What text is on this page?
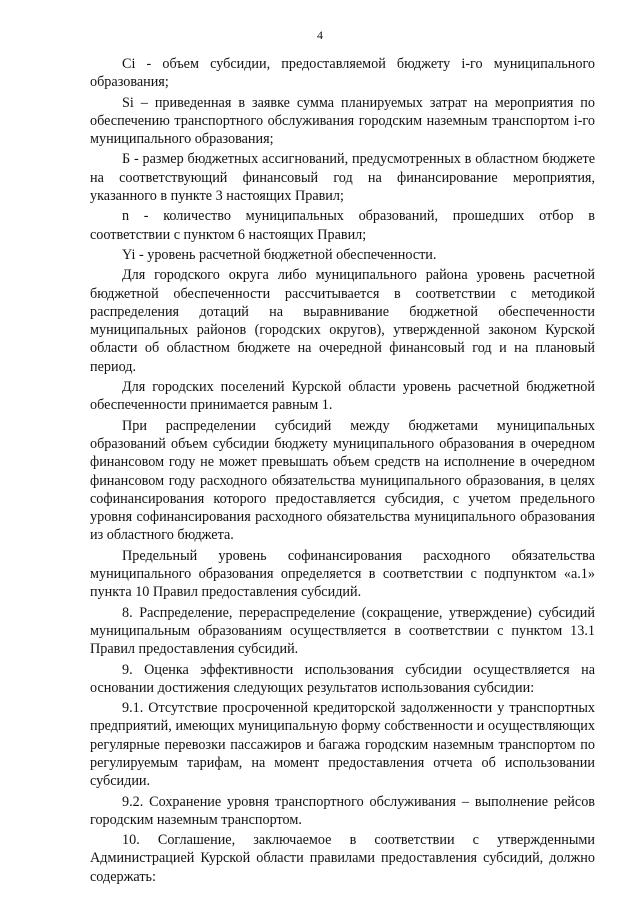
4

Ci - объем субсидии, предоставляемой бюджету i-го муниципального образования;

Si – приведенная в заявке сумма планируемых затрат на мероприятия по обеспечению транспортного обслуживания городским наземным транспортом i-го муниципального образования;

Б - размер бюджетных ассигнований, предусмотренных в областном бюджете на соответствующий финансовый год на финансирование мероприятия, указанного в пункте 3 настоящих Правил;

n - количество муниципальных образований, прошедших отбор в соответствии с пунктом 6 настоящих Правил;

Yi - уровень расчетной бюджетной обеспеченности.

Для городского округа либо муниципального района уровень расчетной бюджетной обеспеченности рассчитывается в соответствии с методикой распределения дотаций на выравнивание бюджетной обеспеченности муниципальных районов (городских округов), утвержденной законом Курской области об областном бюджете на очередной финансовый год и на плановый период.

Для городских поселений Курской области уровень расчетной бюджетной обеспеченности принимается равным 1.

При распределении субсидий между бюджетами муниципальных образований объем субсидии бюджету муниципального образования в очередном финансовом году не может превышать объем средств на исполнение в очередном финансовом году расходного обязательства муниципального образования, в целях софинансирования которого предоставляется субсидия, с учетом предельного уровня софинансирования расходного обязательства муниципального образования из областного бюджета.

Предельный уровень софинансирования расходного обязательства муниципального образования определяется в соответствии с подпунктом «а.1» пункта 10 Правил предоставления субсидий.

8. Распределение, перераспределение (сокращение, утверждение) субсидий муниципальным образованиям осуществляется в соответствии с пунктом 13.1 Правил предоставления субсидий.

9. Оценка эффективности использования субсидии осуществляется на основании достижения следующих результатов использования субсидии:

9.1. Отсутствие просроченной кредиторской задолженности у транспортных предприятий, имеющих муниципальную форму собственности и осуществляющих регулярные перевозки пассажиров и багажа городским наземным транспортом по регулируемым тарифам, на момент предоставления отчета об использовании субсидии.

9.2. Сохранение уровня транспортного обслуживания – выполнение рейсов городским наземным транспортом.

10. Соглашение, заключаемое в соответствии с утвержденными Администрацией Курской области правилами предоставления субсидий, должно содержать:
